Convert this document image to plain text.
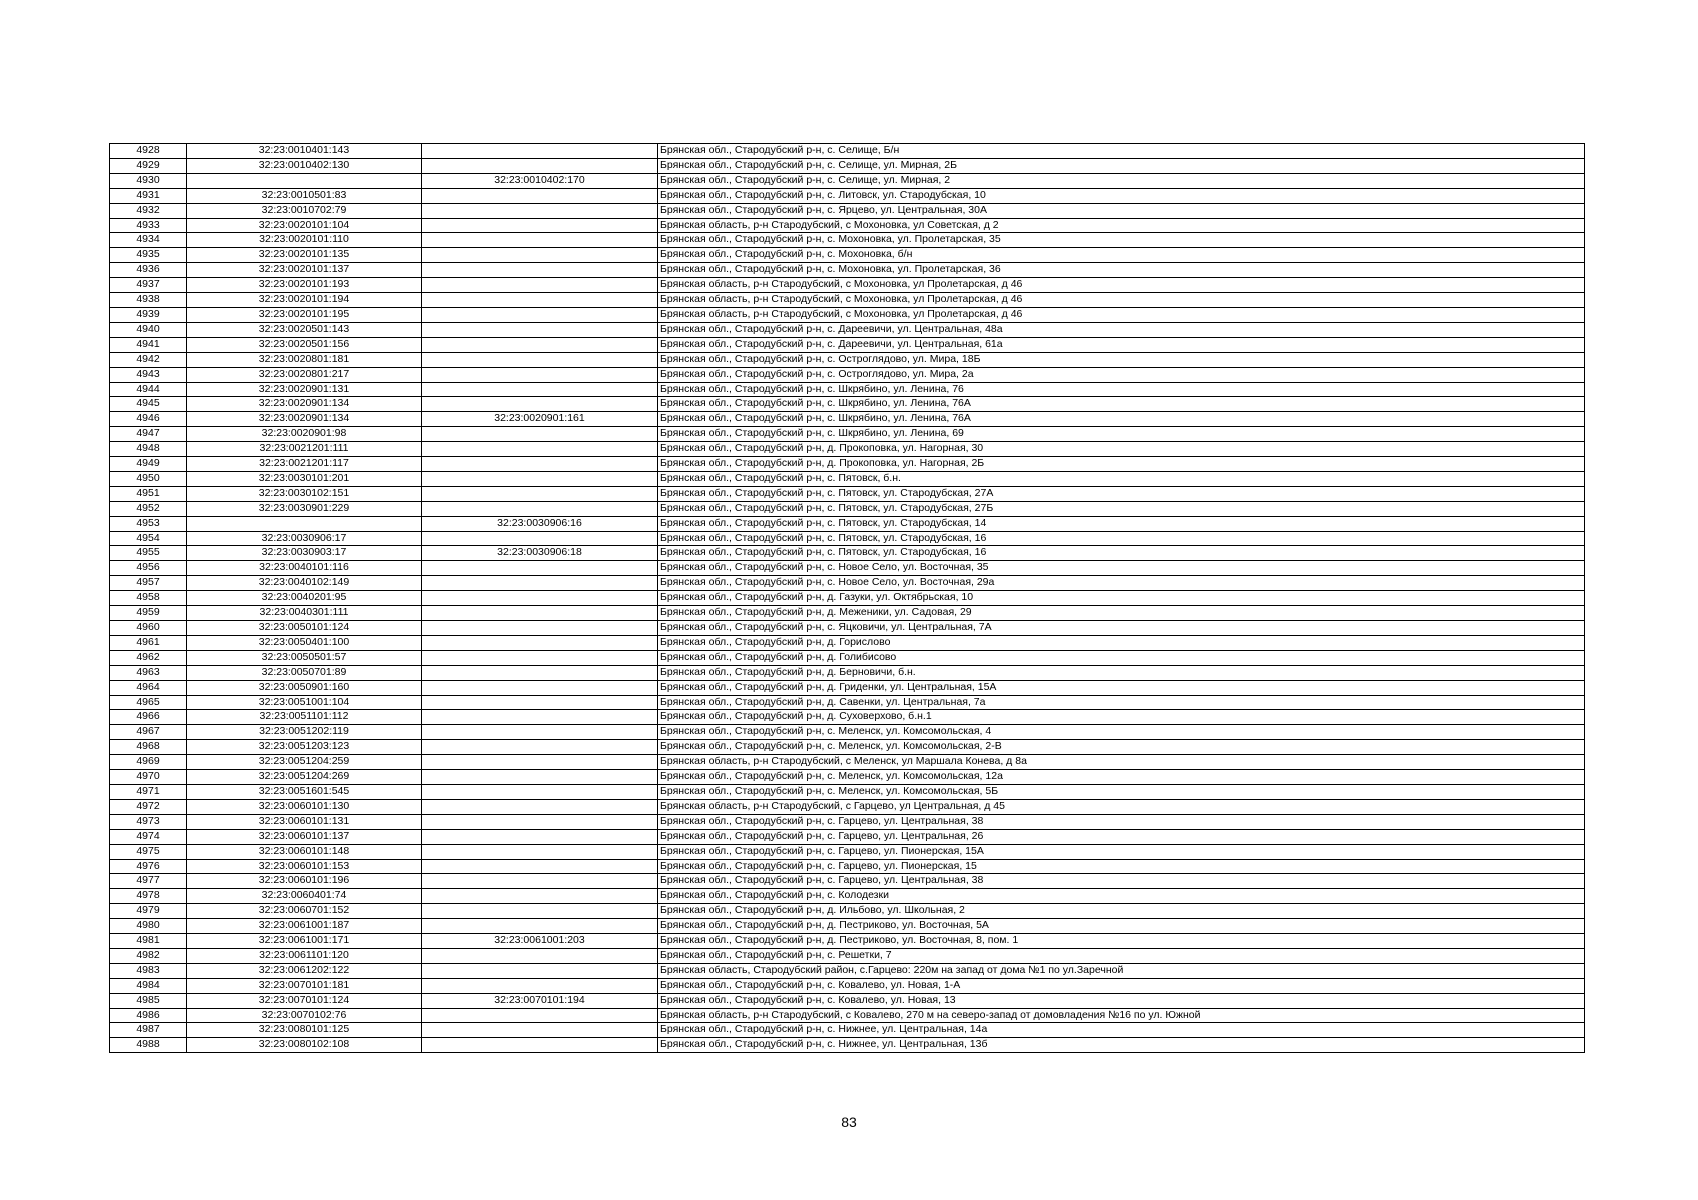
4928	32:23:0010401:143		Брянская обл., Стародубский р-н, с. Селище, Б/н
4929	32:23:0010402:130		Брянская обл., Стародубский р-н, с. Селище, ул. Мирная, 2Б
4930		32:23:0010402:170	Брянская обл., Стародубский р-н, с. Селище, ул. Мирная, 2
4931	32:23:0010501:83		Брянская обл., Стародубский р-н, с. Литовск, ул. Стародубская, 10
4932	32:23:0010702:79		Брянская обл., Стародубский р-н, с. Ярцево, ул. Центральная, 30А
4933	32:23:0020101:104		Брянская область, р-н Стародубский, с Мохоновка, ул Советская, д 2
4934	32:23:0020101:110		Брянская обл., Стародубский р-н, с. Мохоновка, ул. Пролетарская, 35
4935	32:23:0020101:135		Брянская обл., Стародубский р-н, с. Мохоновка, б/н
4936	32:23:0020101:137		Брянская обл., Стародубский р-н, с. Мохоновка, ул. Пролетарская, 36
4937	32:23:0020101:193		Брянская область, р-н Стародубский, с Мохоновка, ул Пролетарская, д 46
4938	32:23:0020101:194		Брянская область, р-н Стародубский, с Мохоновка, ул Пролетарская, д 46
4939	32:23:0020101:195		Брянская область, р-н Стародубский, с Мохоновка, ул Пролетарская, д 46
4940	32:23:0020501:143		Брянская обл., Стародубский р-н, с. Дареевичи, ул. Центральная, 48а
4941	32:23:0020501:156		Брянская обл., Стародубский р-н, с. Дареевичи, ул. Центральная, 61а
4942	32:23:0020801:181		Брянская обл., Стародубский р-н, с. Остроглядово, ул. Мира, 18Б
4943	32:23:0020801:217		Брянская обл., Стародубский р-н, с. Остроглядово, ул. Мира, 2а
4944	32:23:0020901:131		Брянская обл., Стародубский р-н, с. Шкрябино, ул. Ленина, 76
4945	32:23:0020901:134		Брянская обл., Стародубский р-н, с. Шкрябино, ул. Ленина, 76А
4946	32:23:0020901:134	32:23:0020901:161	Брянская обл., Стародубский р-н, с. Шкрябино, ул. Ленина, 76А
4947	32:23:0020901:98		Брянская обл., Стародубский р-н, с. Шкрябино, ул. Ленина, 69
4948	32:23:0021201:111		Брянская обл., Стародубский р-н, д. Прокоповка, ул. Нагорная, 30
4949	32:23:0021201:117		Брянская обл., Стародубский р-н, д. Прокоповка, ул. Нагорная, 2Б
4950	32:23:0030101:201		Брянская обл., Стародубский р-н, с. Пятовск, б.н.
4951	32:23:0030102:151		Брянская обл., Стародубский р-н, с. Пятовск, ул. Стародубская, 27А
4952	32:23:0030901:229		Брянская обл., Стародубский р-н, с. Пятовск, ул. Стародубская, 27Б
4953		32:23:0030906:16	Брянская обл., Стародубский р-н, с. Пятовск, ул. Стародубская, 14
4954	32:23:0030906:17		Брянская обл., Стародубский р-н, с. Пятовск, ул. Стародубская, 16
4955	32:23:0030903:17	32:23:0030906:18	Брянская обл., Стародубский р-н, с. Пятовск, ул. Стародубская, 16
4956	32:23:0040101:116		Брянская обл., Стародубский р-н, с. Новое Село, ул. Восточная, 35
4957	32:23:0040102:149		Брянская обл., Стародубский р-н, с. Новое Село, ул. Восточная, 29а
4958	32:23:0040201:95		Брянская обл., Стародубский р-н, д. Газуки, ул. Октябрьская, 10
4959	32:23:0040301:111		Брянская обл., Стародубский р-н, д. Меженики, ул. Садовая, 29
4960	32:23:0050101:124		Брянская обл., Стародубский р-н, с. Яцковичи, ул. Центральная, 7А
4961	32:23:0050401:100		Брянская обл., Стародубский р-н, д. Горислово
4962	32:23:0050501:57		Брянская обл., Стародубский р-н, д. Голибисово
4963	32:23:0050701:89		Брянская обл., Стародубский р-н, д. Берновичи, б.н.
4964	32:23:0050901:160		Брянская обл., Стародубский р-н, д. Гриденки, ул. Центральная, 15А
4965	32:23:0051001:104		Брянская обл., Стародубский р-н, д. Савенки, ул. Центральная, 7а
4966	32:23:0051101:112		Брянская обл., Стародубский р-н, д. Суховерхово, б.н.1
4967	32:23:0051202:119		Брянская обл., Стародубский р-н, с. Меленск, ул. Комсомольская, 4
4968	32:23:0051203:123		Брянская обл., Стародубский р-н, с. Меленск, ул. Комсомольская, 2-В
4969	32:23:0051204:259		Брянская область, р-н Стародубский, с Меленск, ул Маршала Конева, д 8а
4970	32:23:0051204:269		Брянская обл., Стародубский р-н, с. Меленск, ул. Комсомольская, 12а
4971	32:23:0051601:545		Брянская обл., Стародубский р-н, с. Меленск, ул. Комсомольская, 5Б
4972	32:23:0060101:130		Брянская область, р-н Стародубский, с Гарцево, ул Центральная, д 45
4973	32:23:0060101:131		Брянская обл., Стародубский р-н, с. Гарцево, ул. Центральная, 38
4974	32:23:0060101:137		Брянская обл., Стародубский р-н, с. Гарцево, ул. Центральная, 26
4975	32:23:0060101:148		Брянская обл., Стародубский р-н, с. Гарцево, ул. Пионерская, 15А
4976	32:23:0060101:153		Брянская обл., Стародубский р-н, с. Гарцево, ул. Пионерская, 15
4977	32:23:0060101:196		Брянская обл., Стародубский р-н, с. Гарцево, ул. Центральная, 38
4978	32:23:0060401:74		Брянская обл., Стародубский р-н, с. Колодезки
4979	32:23:0060701:152		Брянская обл., Стародубский р-н, д. Ильбово, ул. Школьная, 2
4980	32:23:0061001:187		Брянская обл., Стародубский р-н, д. Пестриково, ул. Восточная, 5А
4981	32:23:0061001:171	32:23:0061001:203	Брянская обл., Стародубский р-н, д. Пестриково, ул. Восточная, 8, пом. 1
4982	32:23:0061101:120		Брянская обл., Стародубский р-н, с. Решетки, 7
4983	32:23:0061202:122		Брянская область, Стародубский район, с.Гарцево: 220м на запад от дома №1 по ул.Заречной
4984	32:23:0070101:181		Брянская обл., Стародубский р-н, с. Ковалево, ул. Новая, 1-А
4985	32:23:0070101:124	32:23:0070101:194	Брянская обл., Стародубский р-н, с. Ковалево, ул. Новая, 13
4986	32:23:0070102:76		Брянская область, р-н Стародубский, с Ковалево, 270 м на северо-запад от домовладения №16 по ул. Южной
4987	32:23:0080101:125		Брянская обл., Стародубский р-н, с. Нижнее, ул. Центральная, 14а
4988	32:23:0080102:108		Брянская обл., Стародубский р-н, с. Нижнее, ул. Центральная, 13б
83
